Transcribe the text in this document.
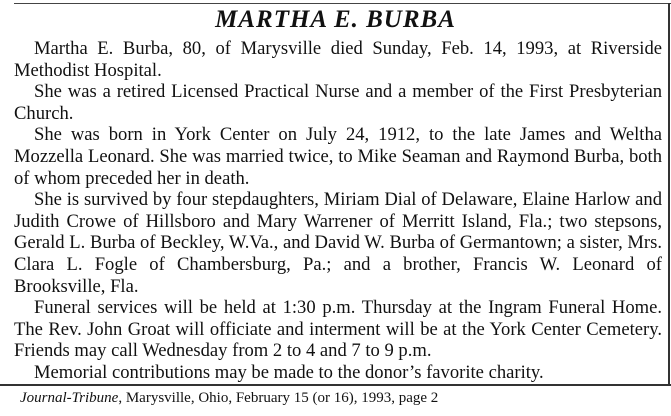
MARTHA E. BURBA

Martha E. Burba, 80, of Marysville died Sunday, Feb. 14, 1993, at Riverside Methodist Hospital.

She was a retired Licensed Practical Nurse and a member of the First Presbyterian Church.

She was born in York Center on July 24, 1912, to the late James and Weltha Mozzella Leonard. She was married twice, to Mike Seaman and Raymond Burba, both of whom preceded her in death.

She is survived by four stepdaughters, Miriam Dial of Delaware, Elaine Harlow and Judith Crowe of Hillsboro and Mary Warrener of Merritt Island, Fla.; two stepsons, Gerald L. Burba of Beckley, W.Va., and David W. Burba of Germantown; a sister, Mrs. Clara L. Fogle of Chambersburg, Pa.; and a brother, Francis W. Leonard of Brooksville, Fla.

Funeral services will be held at 1:30 p.m. Thursday at the Ingram Funeral Home. The Rev. John Groat will officiate and interment will be at the York Center Cemetery. Friends may call Wednesday from 2 to 4 and 7 to 9 p.m.

Memorial contributions may be made to the donor’s favorite charity.

Journal-Tribune, Marysville, Ohio, February 15 (or 16), 1993, page 2
